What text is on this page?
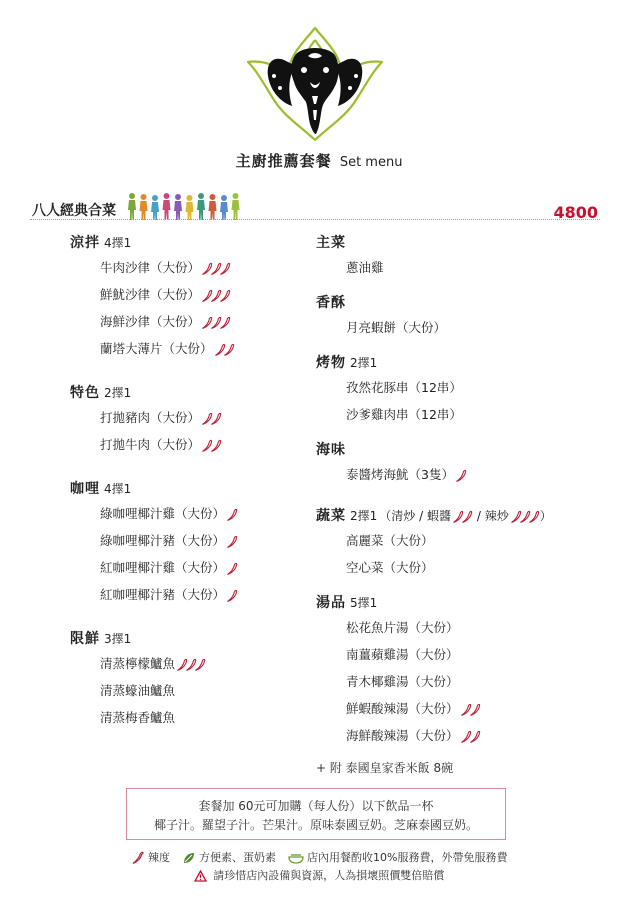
主廚推薦套餐 Set menu
八人經典合菜	4800
涼拌 4擇1
牛肉沙律（大份）
鮮魷沙律（大份）
海鮮沙律（大份）
蘭塔大薄片（大份）
特色 2擇1
打拋豬肉（大份）
打拋牛肉（大份）
咖哩 4擇1
綠咖哩椰汁雞（大份）
綠咖哩椰汁豬（大份）
紅咖哩椰汁雞（大份）
紅咖哩椰汁豬（大份）
限鮮 3擇1
清蒸檸檬鱸魚
清蒸蠔油鱸魚
清蒸梅香鱸魚
主菜
蔥油雞
香酥
月亮蝦餅（大份）
烤物 2擇1
孜然花豚串（12串）
沙爹雞肉串（12串）
海味
泰醬烤海魷（3隻）
蔬菜 2擇1 （清炒 / 蝦醬 / 辣炒	）
高麗菜（大份）
空心菜（大份）
湯品 5擇1
松花魚片湯（大份）
南薑蘋雞湯（大份）
青木椰雞湯（大份）
鮮蝦酸辣湯（大份）
海鮮酸辣湯（大份）
+ 附 泰國皇家香米飯 8碗
套餐加 60元可加購（每人份）以下飲品一杯
椰子汁。羅望子汁。芒果汁。原味泰國豆奶。芝麻泰國豆奶。
辣度	方便素、蛋奶素	店內用餐酌收10%服務費，外帶免服務費
請珍惜店內設備與資源，人為損壞照價雙倍賠償
